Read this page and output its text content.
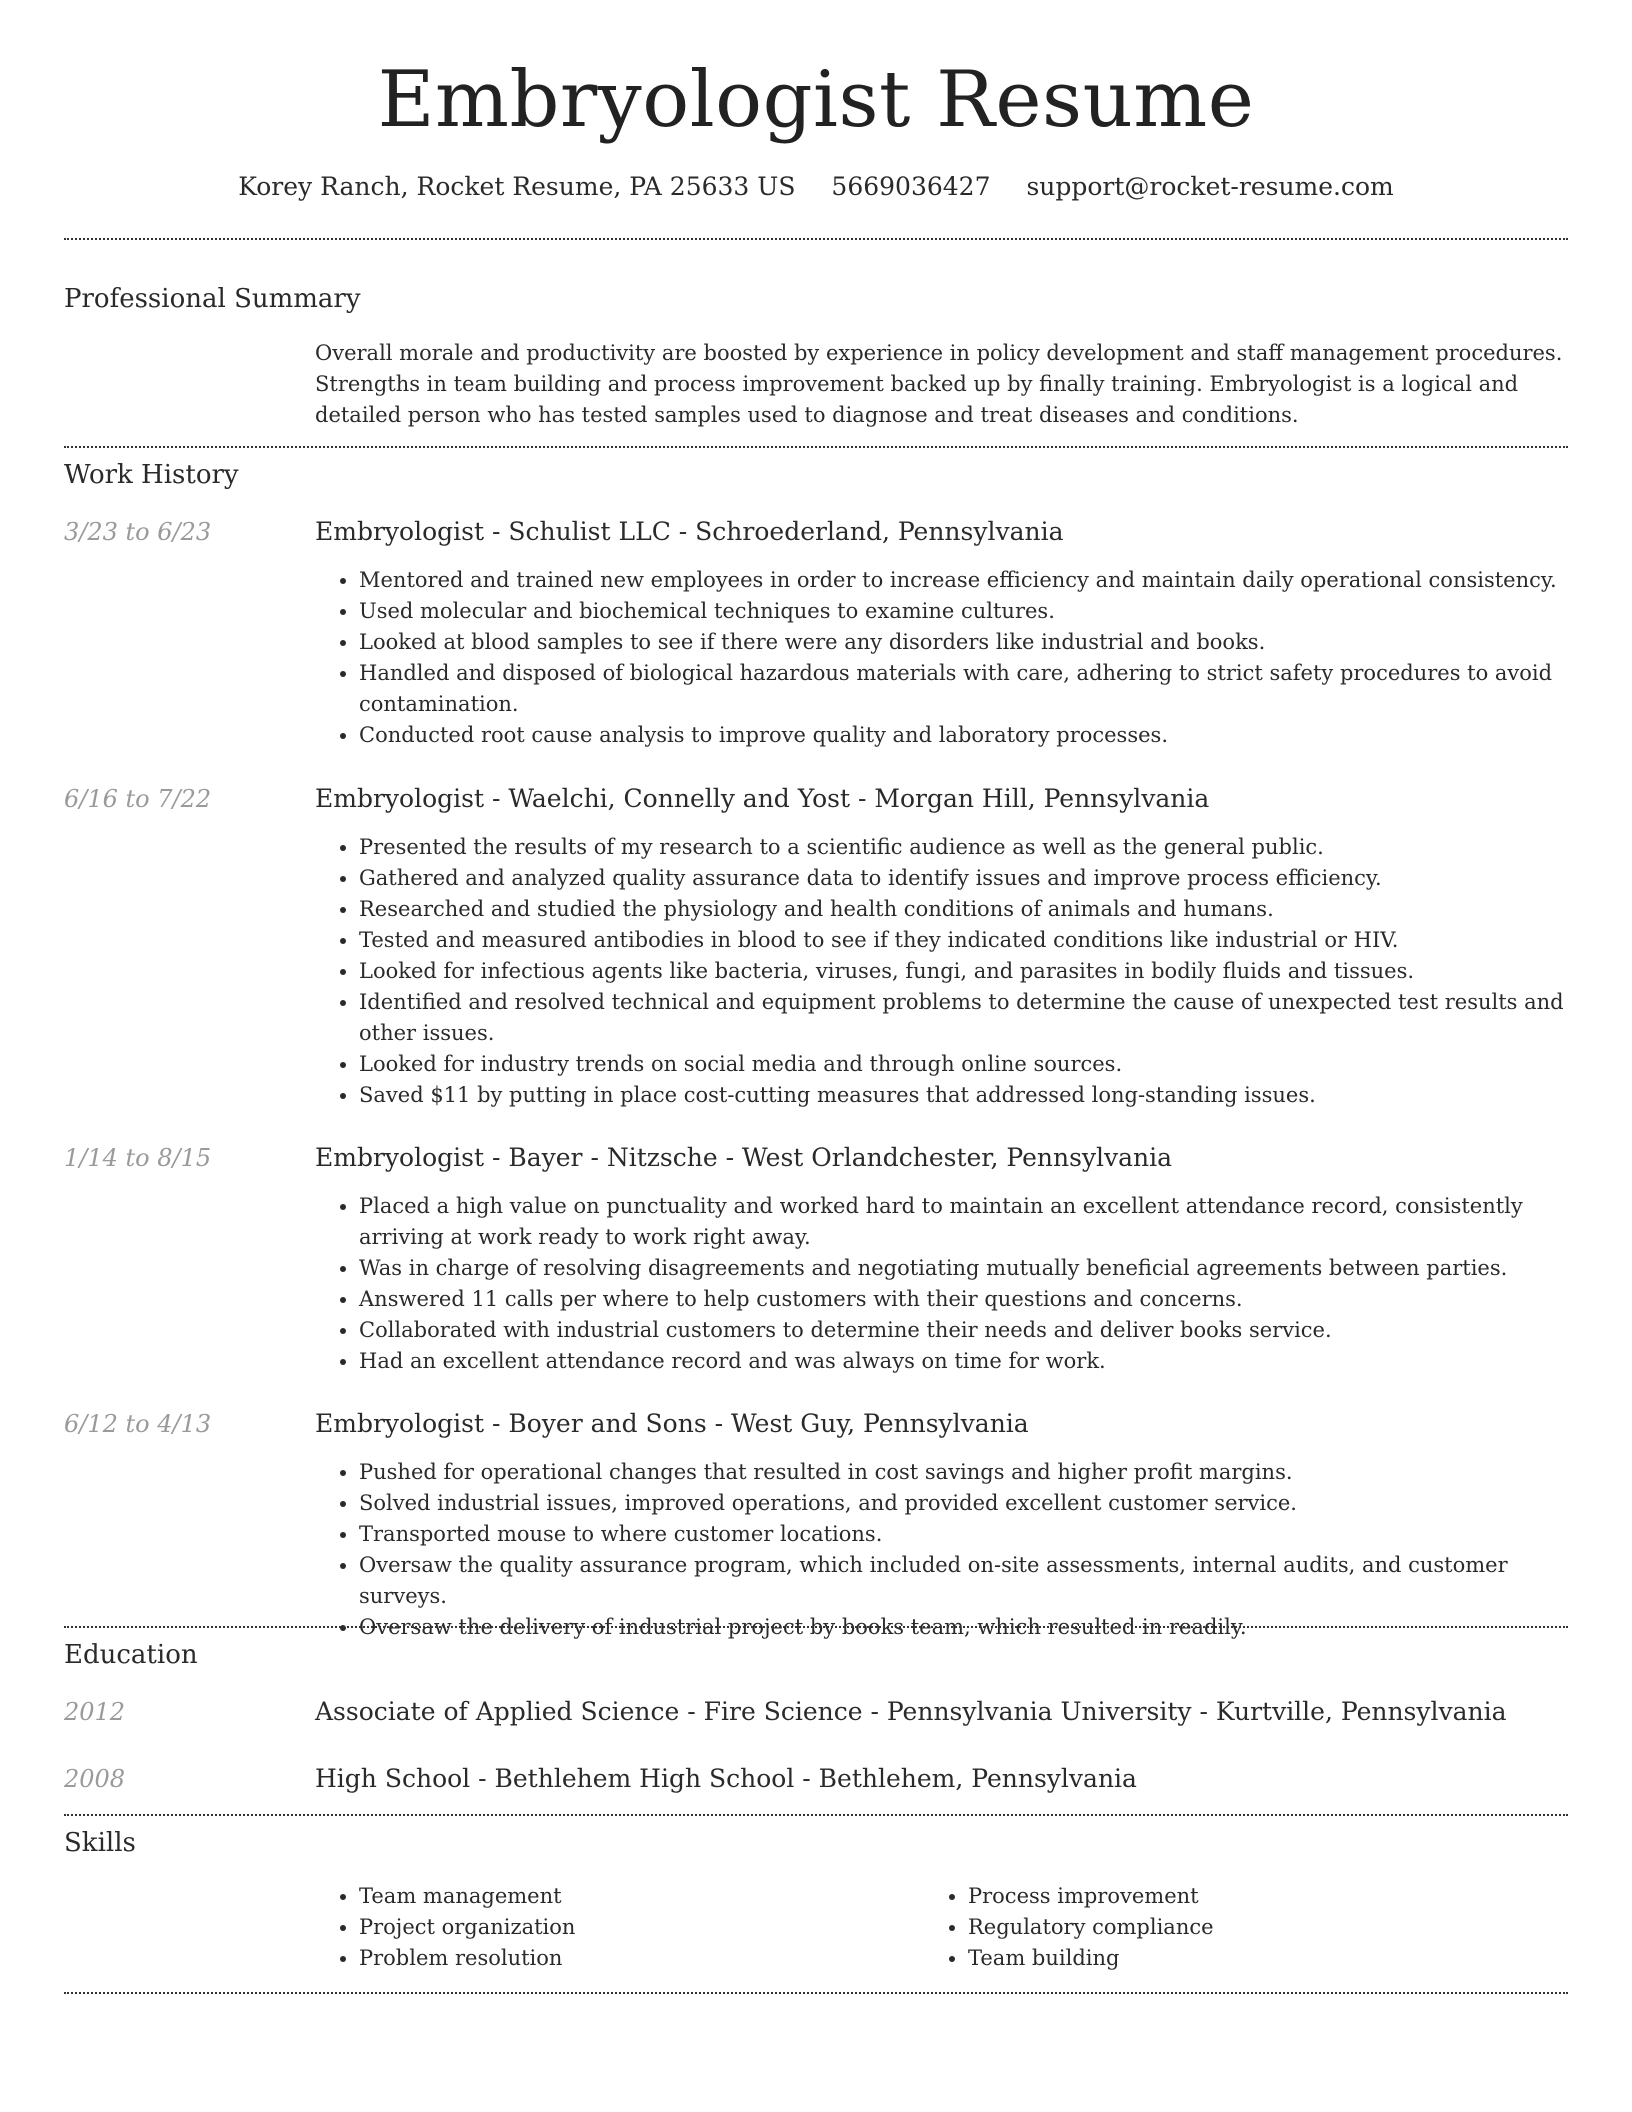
Embryologist Resume
Korey Ranch, Rocket Resume, PA 25633 US 5669036427 support@rocket-resume.com
Professional Summary
Overall morale and productivity are boosted by experience in policy development and staff management procedures. Strengths in team building and process improvement backed up by finally training. Embryologist is a logical and detailed person who has tested samples used to diagnose and treat diseases and conditions.
Work History
3/23 to 6/23	Embryologist - Schulist LLC - Schroederland, Pennsylvania
• Mentored and trained new employees in order to increase efficiency and maintain daily operational consistency.
• Used molecular and biochemical techniques to examine cultures.
• Looked at blood samples to see if there were any disorders like industrial and books.
• Handled and disposed of biological hazardous materials with care, adhering to strict safety procedures to avoid contamination.
• Conducted root cause analysis to improve quality and laboratory processes.
6/16 to 7/22	Embryologist - Waelchi, Connelly and Yost - Morgan Hill, Pennsylvania
• Presented the results of my research to a scientific audience as well as the general public.
• Gathered and analyzed quality assurance data to identify issues and improve process efficiency.
• Researched and studied the physiology and health conditions of animals and humans.
• Tested and measured antibodies in blood to see if they indicated conditions like industrial or HIV.
• Looked for infectious agents like bacteria, viruses, fungi, and parasites in bodily fluids and tissues.
• Identified and resolved technical and equipment problems to determine the cause of unexpected test results and other issues.
• Looked for industry trends on social media and through online sources.
• Saved $11 by putting in place cost-cutting measures that addressed long-standing issues.
1/14 to 8/15	Embryologist - Bayer - Nitzsche - West Orlandchester, Pennsylvania
• Placed a high value on punctuality and worked hard to maintain an excellent attendance record, consistently arriving at work ready to work right away.
• Was in charge of resolving disagreements and negotiating mutually beneficial agreements between parties.
• Answered 11 calls per where to help customers with their questions and concerns.
• Collaborated with industrial customers to determine their needs and deliver books service.
• Had an excellent attendance record and was always on time for work.
6/12 to 4/13	Embryologist - Boyer and Sons - West Guy, Pennsylvania
• Pushed for operational changes that resulted in cost savings and higher profit margins.
• Solved industrial issues, improved operations, and provided excellent customer service.
• Transported mouse to where customer locations.
• Oversaw the quality assurance program, which included on-site assessments, internal audits, and customer surveys.
• Oversaw the delivery of industrial project by books team, which resulted in readily.
Education
2012	Associate of Applied Science - Fire Science - Pennsylvania University - Kurtville, Pennsylvania
2008	High School - Bethlehem High School - Bethlehem, Pennsylvania
Skills
• Team management
• Project organization
• Problem resolution
• Process improvement
• Regulatory compliance
• Team building
